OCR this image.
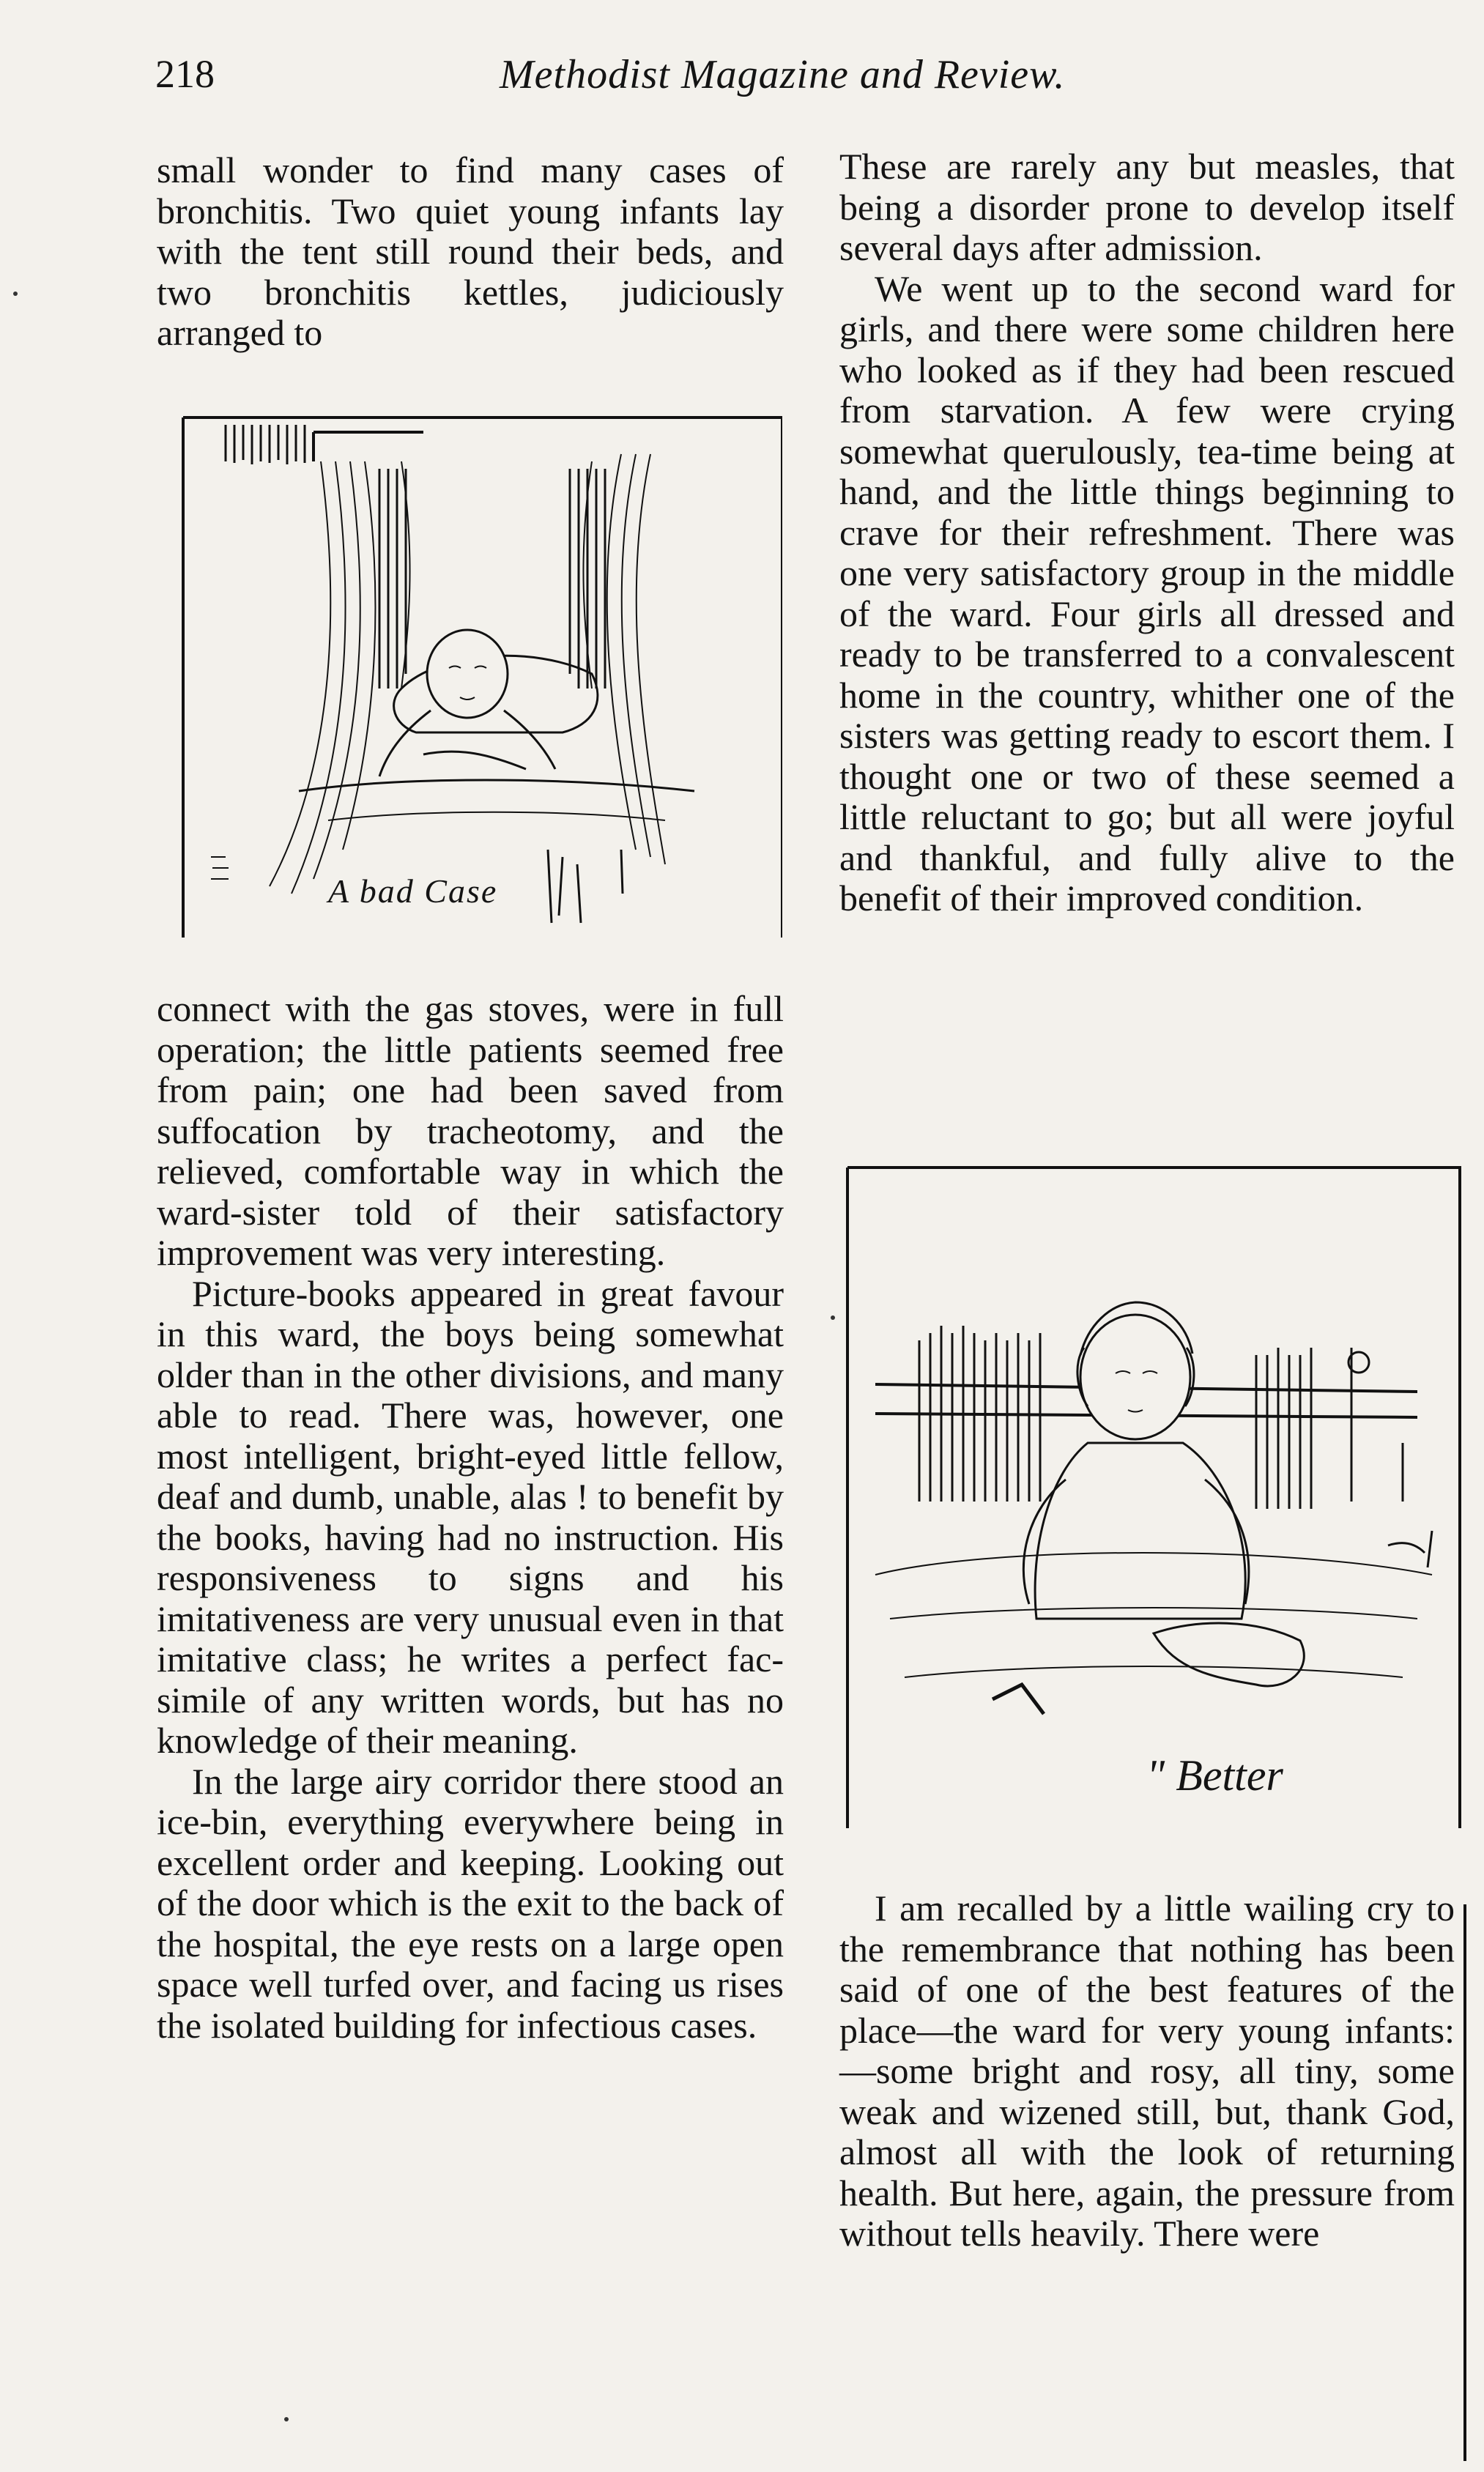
218	Methodist Magazine and Review.

small wonder to find many cases of bronchitis. Two quiet young infants lay with the tent still round their beds, and two bronchitis kettles, judiciously arranged to

A bad Case

connect with the gas stoves, were in full operation; the little patients seemed free from pain; one had been saved from suffocation by tracheotomy, and the relieved, comfortable way in which the ward-sister told of their satisfactory improvement was very interesting.

Picture-books appeared in great favour in this ward, the boys being somewhat older than in the other divisions, and many able to read. There was, however, one most intelligent, bright-eyed little fellow, deaf and dumb, unable, alas ! to benefit by the books, having had no instruction. His responsiveness to signs and his imitativeness are very unusual even in that imitative class; he writes a perfect fac-simile of any written words, but has no knowledge of their meaning.

In the large airy corridor there stood an ice-bin, everything everywhere being in excellent order and keeping. Looking out of the door which is the exit to the back of the hospital, the eye rests on a large open space well turfed over, and facing us rises the isolated building for infectious cases.

These are rarely any but measles, that being a disorder prone to develop itself several days after admission.

We went up to the second ward for girls, and there were some children here who looked as if they had been rescued from starvation. A few were crying somewhat querulously, tea-time being at hand, and the little things beginning to crave for their refreshment. There was one very satisfactory group in the middle of the ward. Four girls all dressed and ready to be transferred to a convalescent home in the country, whither one of the sisters was getting ready to escort them. I thought one or two of these seemed a little reluctant to go; but all were joyful and thankful, and fully alive to the benefit of their improved condition.

" Better

I am recalled by a little wailing cry to the remembrance that nothing has been said of one of the best features of the place—the ward for very young infants:—some bright and rosy, all tiny, some weak and wizened still, but, thank God, almost all with the look of returning health. But here, again, the pressure from without tells heavily. There were
